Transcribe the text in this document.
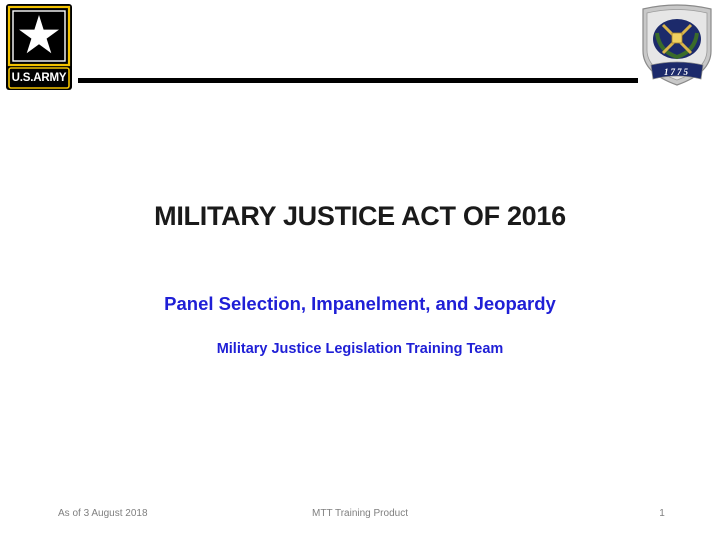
U.S.ARMY	1775
MILITARY JUSTICE ACT OF 2016
Panel Selection, Impanelment, and Jeopardy
Military Justice Legislation Training Team
As of 3 August 2018	MTT Training Product	1
